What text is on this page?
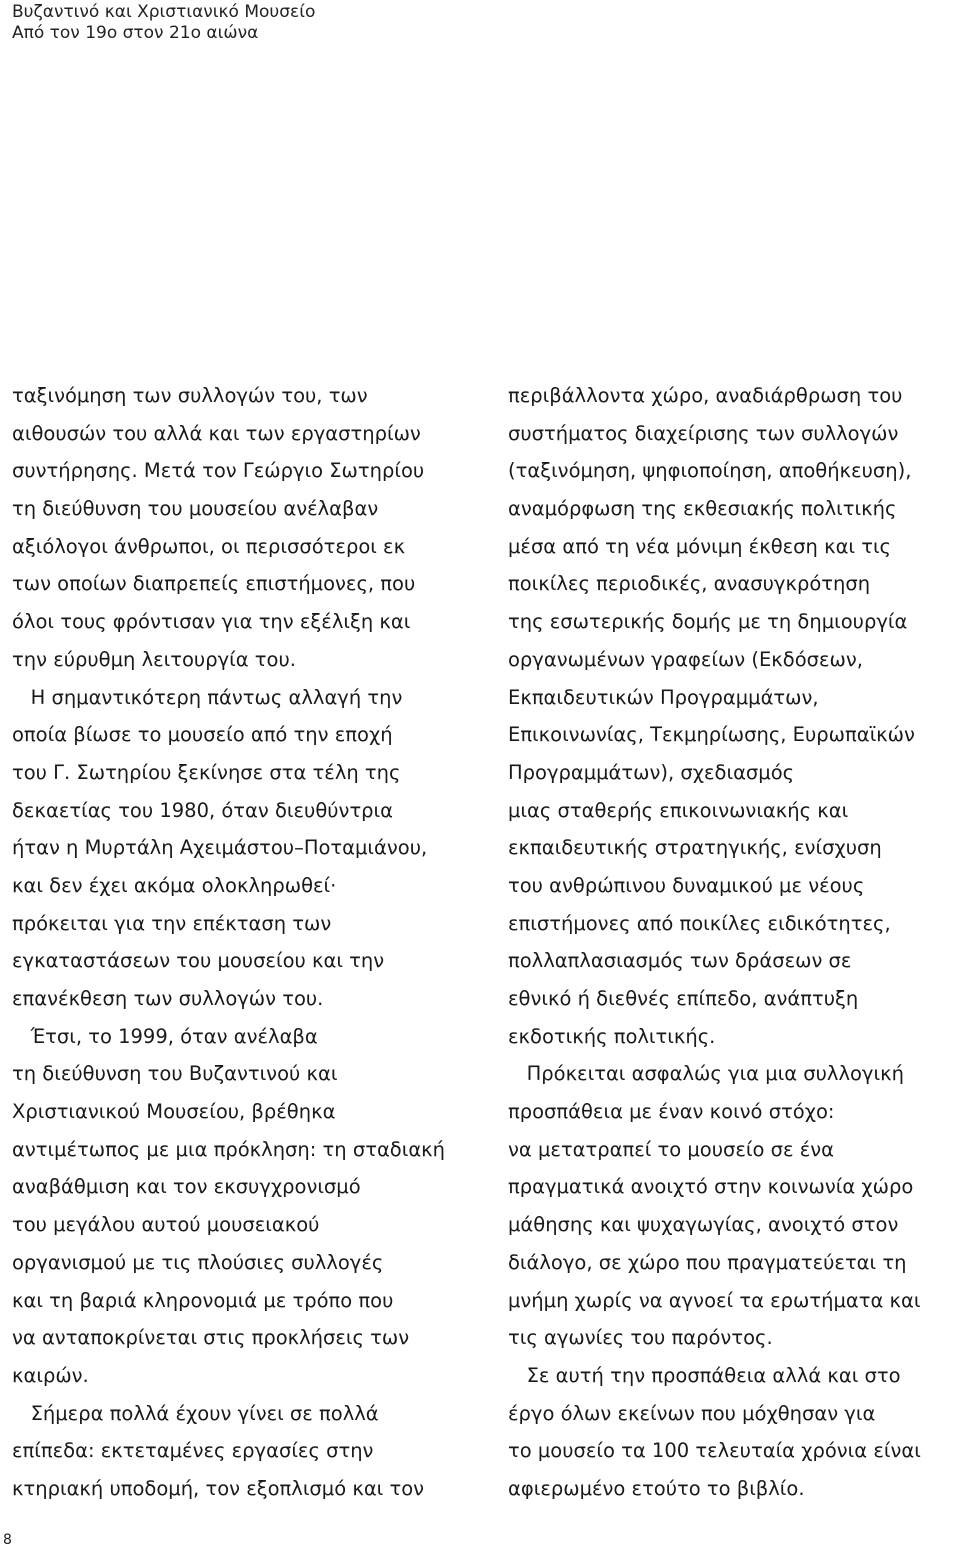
Βυζαντινό και Χριστιανικό Μουσείο
Από τον 19ο στον 21ο αιώνα
ταξινόμηση των συλλογών του, των
αιθουσών του αλλά και των εργαστηρίων
συντήρησης. Μετά τον Γεώργιο Σωτηρίου
τη διεύθυνση του μουσείου ανέλαβαν
αξιόλογοι άνθρωποι, οι περισσότεροι εκ
των οποίων διαπρεπείς επιστήμονες, που
όλοι τους φρόντισαν για την εξέλιξη και
την εύρυθμη λειτουργία του.
Η σημαντικότερη πάντως αλλαγή την
οποία βίωσε το μουσείο από την εποχή
του Γ. Σωτηρίου ξεκίνησε στα τέλη της
δεκαετίας του 1980, όταν διευθύντρια
ήταν η Μυρτάλη Αχειμάστου–Ποταμιάνου,
και δεν έχει ακόμα ολοκληρωθεί·
πρόκειται για την επέκταση των
εγκαταστάσεων του μουσείου και την
επανέκθεση των συλλογών του.
Έτσι, το 1999, όταν ανέλαβα
τη διεύθυνση του Βυζαντινού και
Χριστιανικού Μουσείου, βρέθηκα
αντιμέτωπος με μια πρόκληση: τη σταδιακή
αναβάθμιση και τον εκσυγχρονισμό
του μεγάλου αυτού μουσειακού
οργανισμού με τις πλούσιες συλλογές
και τη βαριά κληρονομιά με τρόπο που
να ανταποκρίνεται στις προκλήσεις των
καιρών.
Σήμερα πολλά έχουν γίνει σε πολλά
επίπεδα: εκτεταμένες εργασίες στην
κτηριακή υποδομή, τον εξοπλισμό και τον
περιβάλλοντα χώρο, αναδιάρθρωση του
συστήματος διαχείρισης των συλλογών
(ταξινόμηση, ψηφιοποίηση, αποθήκευση),
αναμόρφωση της εκθεσιακής πολιτικής
μέσα από τη νέα μόνιμη έκθεση και τις
ποικίλες περιοδικές, ανασυγκρότηση
της εσωτερικής δομής με τη δημιουργία
οργανωμένων γραφείων (Εκδόσεων,
Εκπαιδευτικών Προγραμμάτων,
Επικοινωνίας, Τεκμηρίωσης, Ευρωπαϊκών
Προγραμμάτων), σχεδιασμός
μιας σταθερής επικοινωνιακής και
εκπαιδευτικής στρατηγικής, ενίσχυση
του ανθρώπινου δυναμικού με νέους
επιστήμονες από ποικίλες ειδικότητες,
πολλαπλασιασμός των δράσεων σε
εθνικό ή διεθνές επίπεδο, ανάπτυξη
εκδοτικής πολιτικής.
Πρόκειται ασφαλώς για μια συλλογική
προσπάθεια με έναν κοινό στόχο:
να μετατραπεί το μουσείο σε ένα
πραγματικά ανοιχτό στην κοινωνία χώρο
μάθησης και ψυχαγωγίας, ανοιχτό στον
διάλογο, σε χώρο που πραγματεύεται τη
μνήμη χωρίς να αγνοεί τα ερωτήματα και
τις αγωνίες του παρόντος.
Σε αυτή την προσπάθεια αλλά και στο
έργο όλων εκείνων που μόχθησαν για
το μουσείο τα 100 τελευταία χρόνια είναι
αφιερωμένο ετούτο το βιβλίο.
8
